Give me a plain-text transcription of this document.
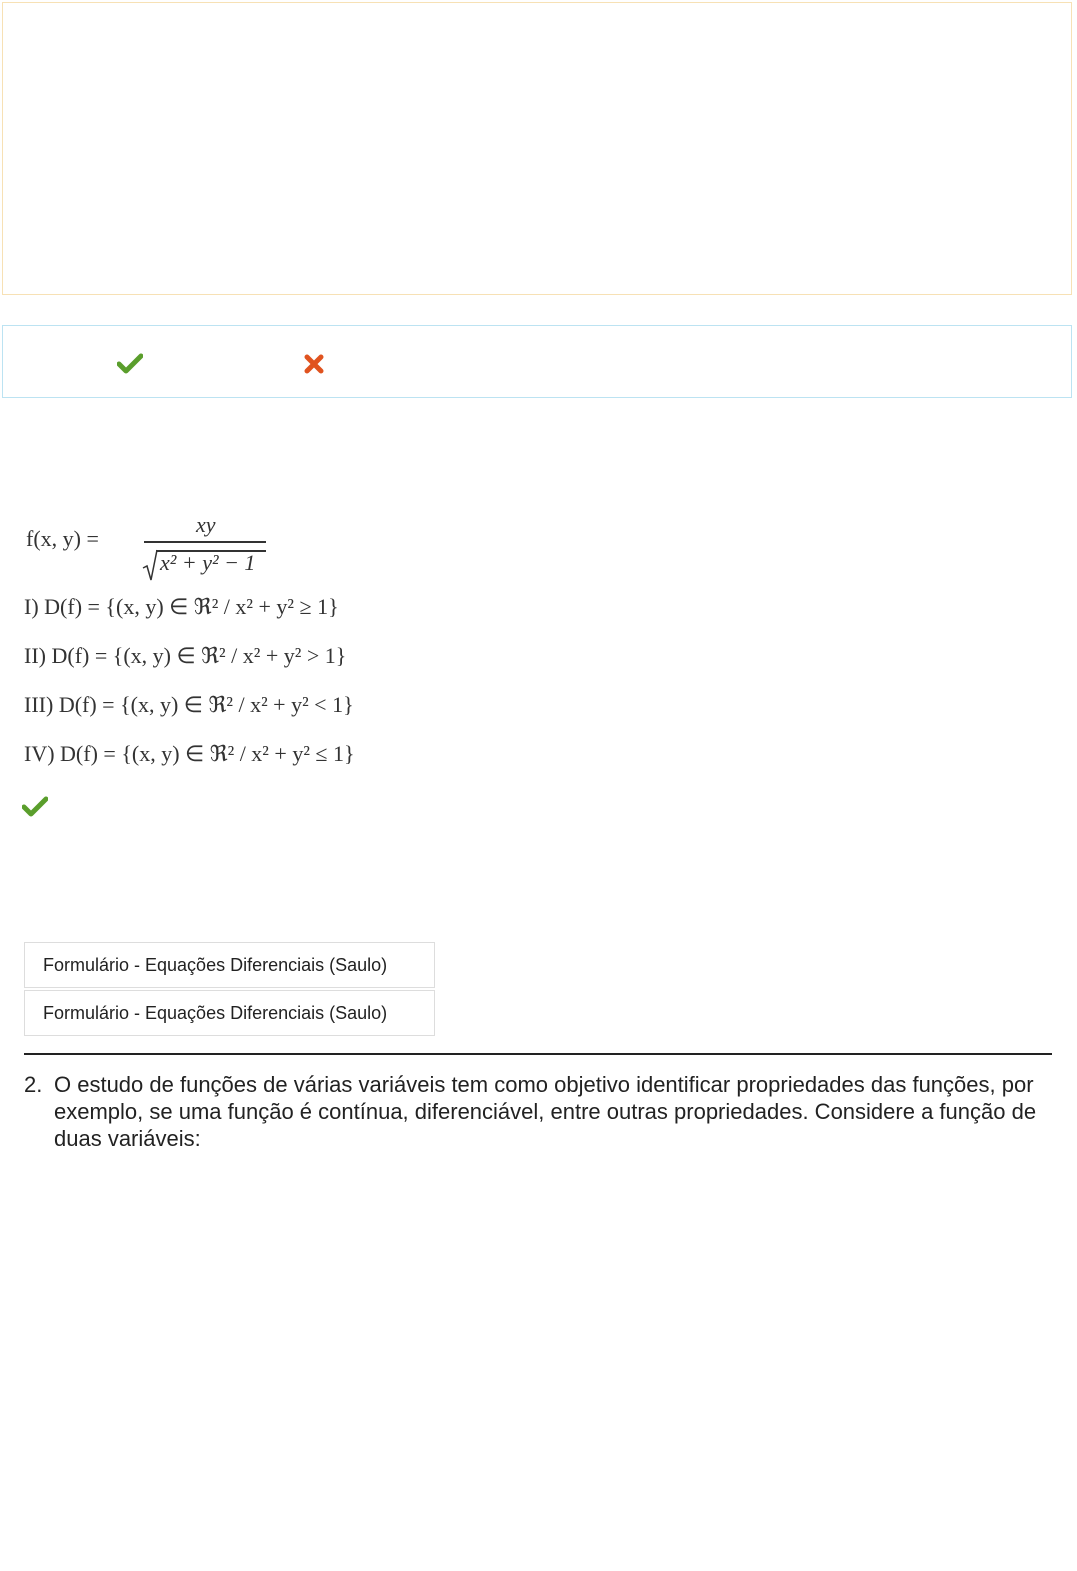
f(x, y) =
xy
x² + y² − 1
I) D(f) = {(x, y) ∈ ℜ² / x² + y² ≥ 1}
II) D(f) = {(x, y) ∈ ℜ² / x² + y² > 1}
III) D(f) = {(x, y) ∈ ℜ² / x² + y² < 1}
IV) D(f) = {(x, y) ∈ ℜ² / x² + y² ≤ 1}
Formulário - Equações Diferenciais (Saulo)
Formulário - Equações Diferenciais (Saulo)
2. O estudo de funções de várias variáveis tem como objetivo identificar propriedades das funções, por exemplo, se uma função é contínua, diferenciável, entre outras propriedades. Considere a função de duas variáveis:
